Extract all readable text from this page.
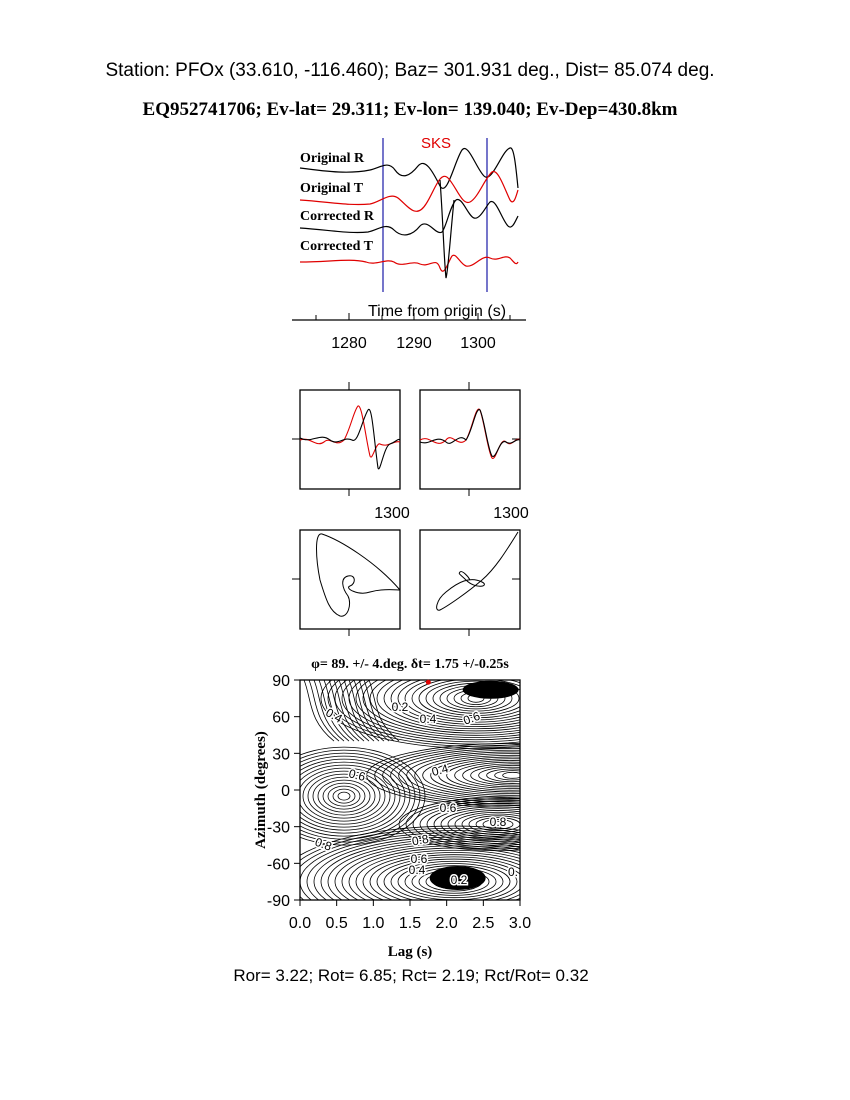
Station: PFOx (33.610, -116.460); Baz= 301.931 deg., Dist= 85.074 deg.
EQ952741706; Ev-lat= 29.311; Ev-lon= 139.040; Ev-Dep=430.8km
SKS
Original R
Original T
Corrected R
Corrected T
Time from origin (s)
1280 1290 1300
1300	1300
φ= 89. +/- 4.deg. δt= 1.75 +/-0.25s
0.0 0.5 1.0 1.5 2.0 2.5 3.0
90
60
30
0
-30
-60
-90
0.4	0.2
0.4 0.6
0.6	0.4
0.6
0.8
0.8	0.8
0.6
0.4
0.2
0.
Lag (s)
Azimuth (degrees)
Ror= 3.22; Rot= 6.85; Rct= 2.19; Rct/Rot= 0.32
